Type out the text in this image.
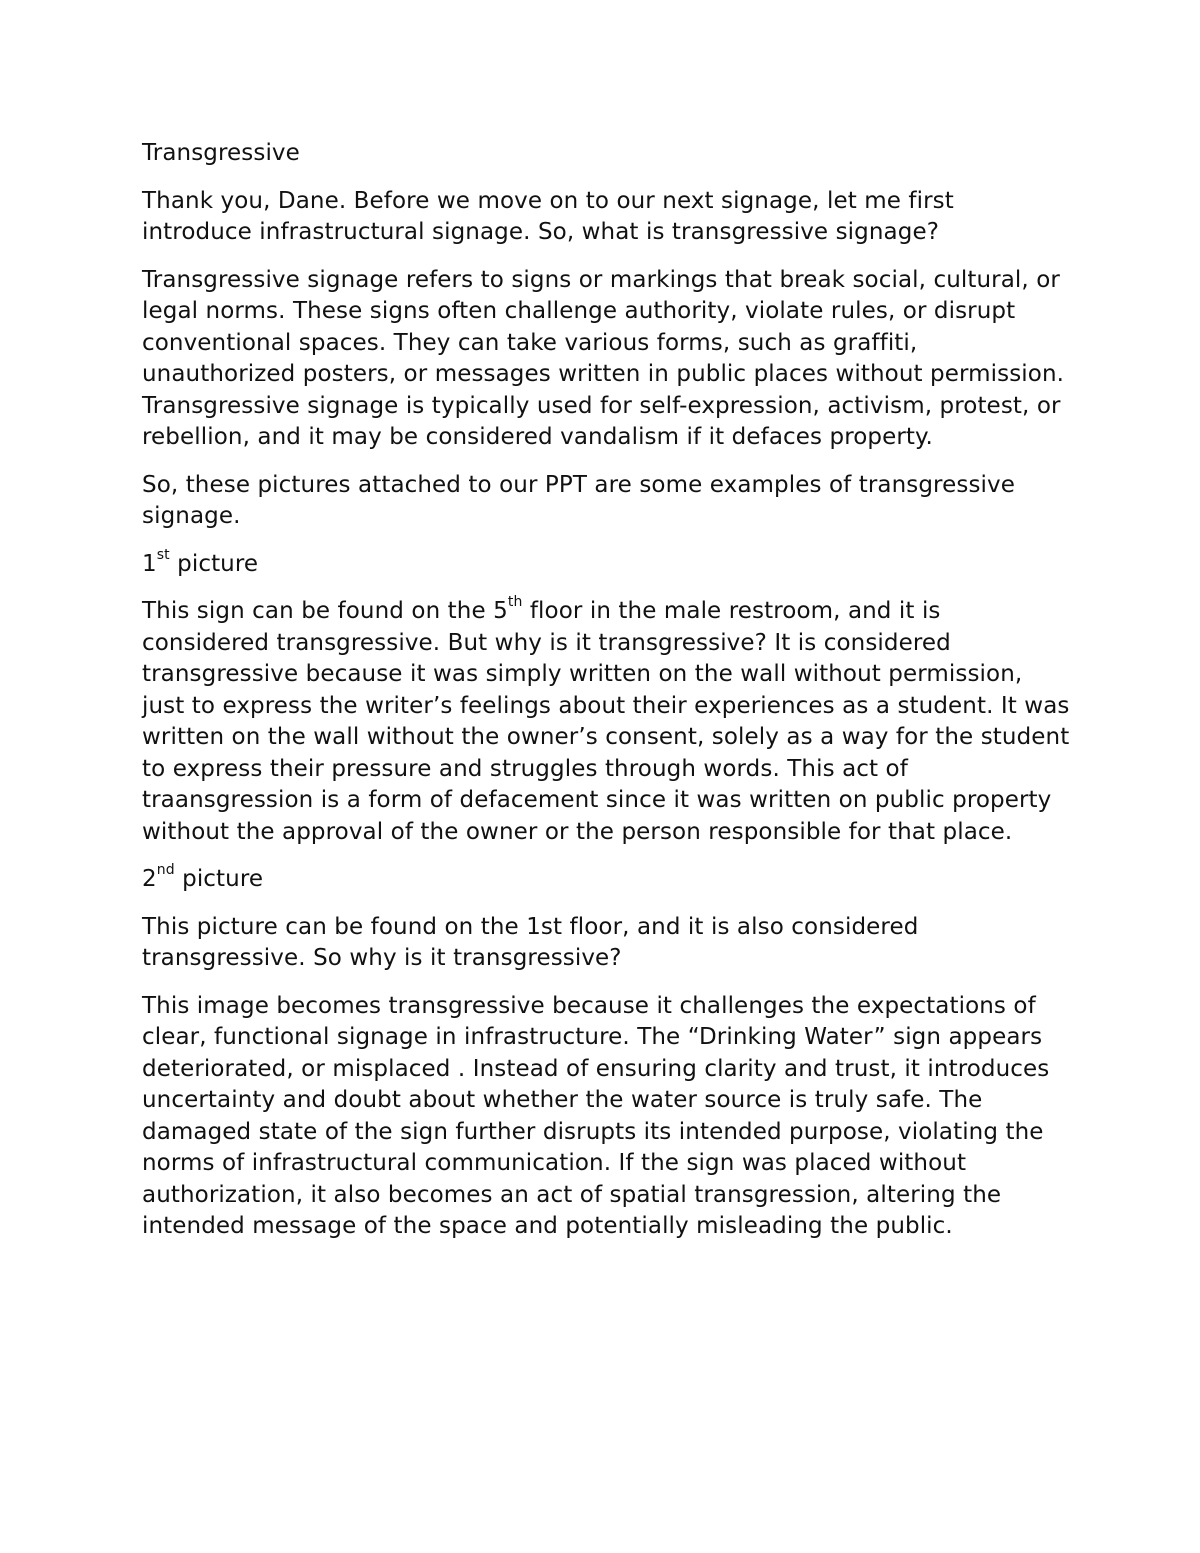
Transgressive

Thank you, Dane. Before we move on to our next signage, let me first introduce infrastructural signage. So, what is transgressive signage?

Transgressive signage refers to signs or markings that break social, cultural, or legal norms. These signs often challenge authority, violate rules, or disrupt conventional spaces. They can take various forms, such as graffiti, unauthorized posters, or messages written in public places without permission. Transgressive signage is typically used for self-expression, activism, protest, or rebellion, and it may be considered vandalism if it defaces property.

So, these pictures attached to our PPT are some examples of transgressive signage.

1st picture

This sign can be found on the 5th floor in the male restroom, and it is considered transgressive. But why is it transgressive? It is considered transgressive because it was simply written on the wall without permission, just to express the writer’s feelings about their experiences as a student. It was written on the wall without the owner’s consent, solely as a way for the student to express their pressure and struggles through words. This act of traansgression is a form of defacement since it was written on public property without the approval of the owner or the person responsible for that place.

2nd picture

This picture can be found on the 1st floor, and it is also considered transgressive. So why is it transgressive?

This image becomes transgressive because it challenges the expectations of clear, functional signage in infrastructure. The “Drinking Water” sign appears deteriorated, or misplaced . Instead of ensuring clarity and trust, it introduces uncertainty and doubt about whether the water source is truly safe. The damaged state of the sign further disrupts its intended purpose, violating the norms of infrastructural communication. If the sign was placed without authorization, it also becomes an act of spatial transgression, altering the intended message of the space and potentially misleading the public.
